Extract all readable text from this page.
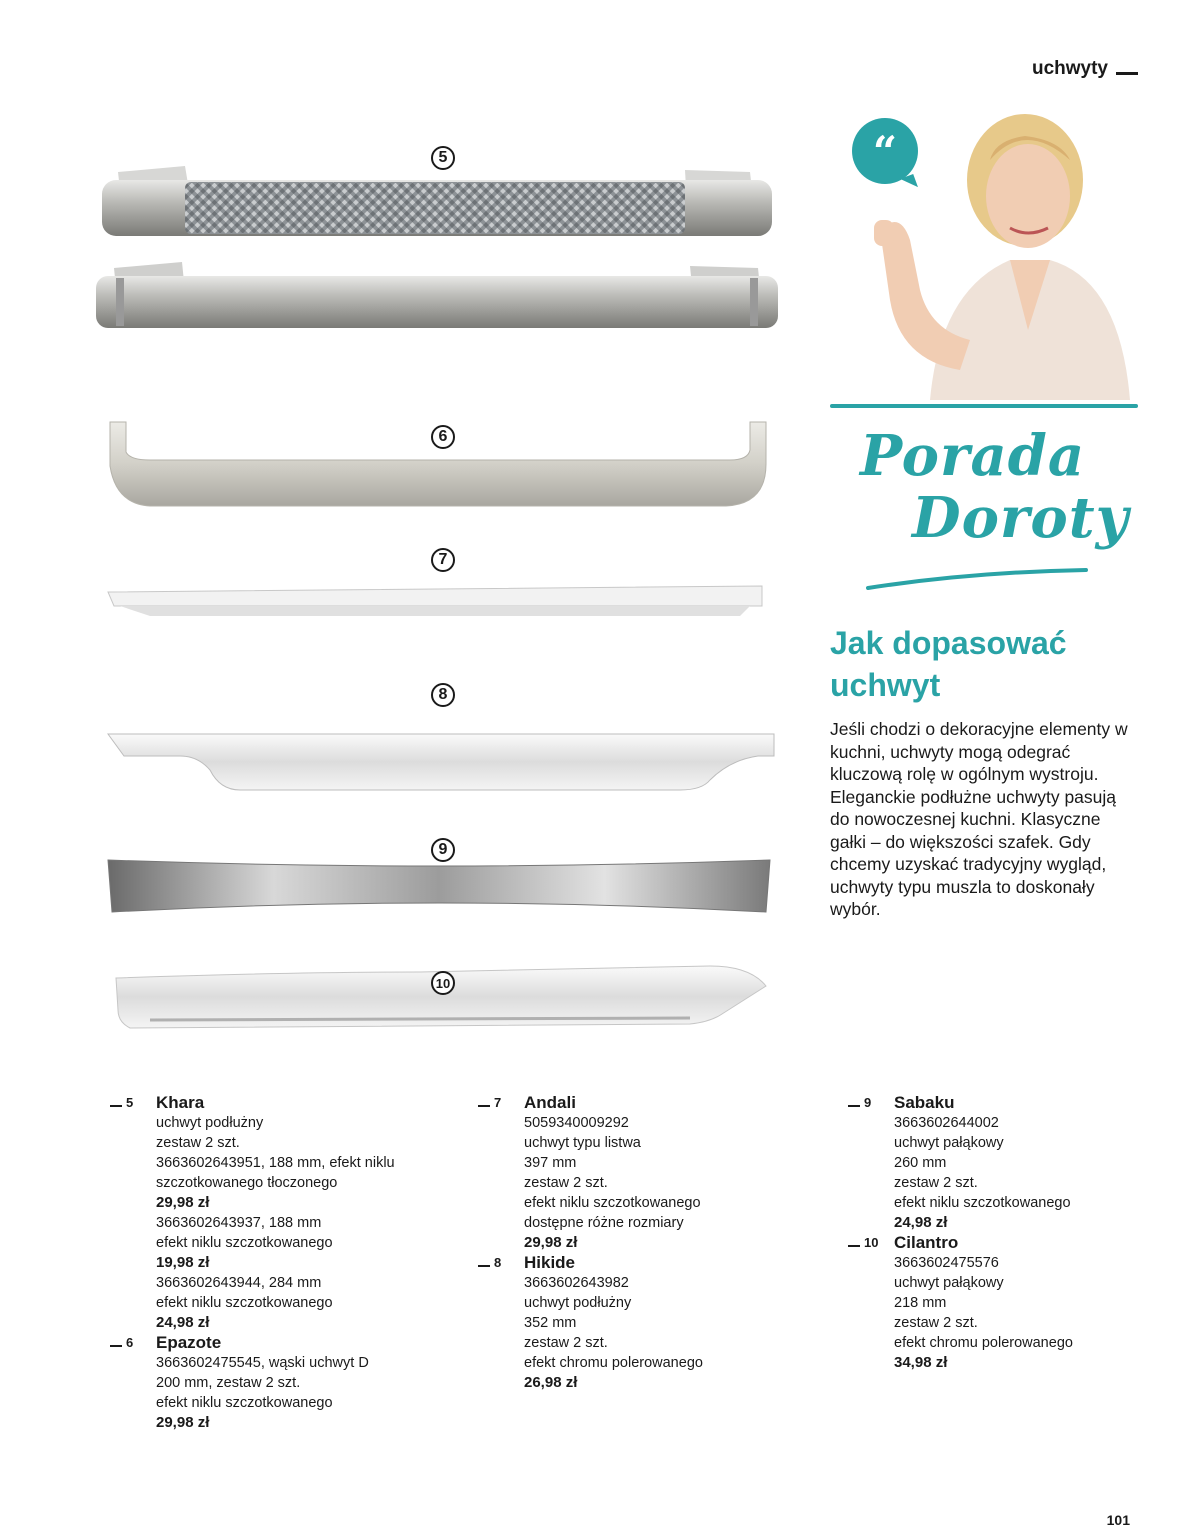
uchwyty
5
6
7
8
9
10
“
Porada
Doroty
Jak dopasować uchwyt
Jeśli chodzi o dekoracyjne elementy w kuchni, uchwyty mogą odegrać kluczową rolę w ogólnym wystroju. Eleganckie podłużne uchwyty pasują do nowoczesnej kuchni. Klasyczne gałki – do większości szafek. Gdy chcemy uzyskać tradycyjny wygląd, uchwyty typu muszla to doskonały wybór.
5 Khara
uchwyt podłużny
zestaw 2 szt.
3663602643951, 188 mm, efekt niklu
szczotkowanego tłoczonego
29,98 zł
3663602643937, 188 mm
efekt niklu szczotkowanego
19,98 zł
3663602643944, 284 mm
efekt niklu szczotkowanego
24,98 zł
6 Epazote
3663602475545, wąski uchwyt D
200 mm, zestaw 2 szt.
efekt niklu szczotkowanego
29,98 zł
7 Andali
5059340009292
uchwyt typu listwa
397 mm
zestaw 2 szt.
efekt niklu szczotkowanego
dostępne różne rozmiary
29,98 zł
8 Hikide
3663602643982
uchwyt podłużny
352 mm
zestaw 2 szt.
efekt chromu polerowanego
26,98 zł
9 Sabaku
3663602644002
uchwyt pałąkowy
260 mm
zestaw 2 szt.
efekt niklu szczotkowanego
24,98 zł
10 Cilantro
3663602475576
uchwyt pałąkowy
218 mm
zestaw 2 szt.
efekt chromu polerowanego
34,98 zł
101
